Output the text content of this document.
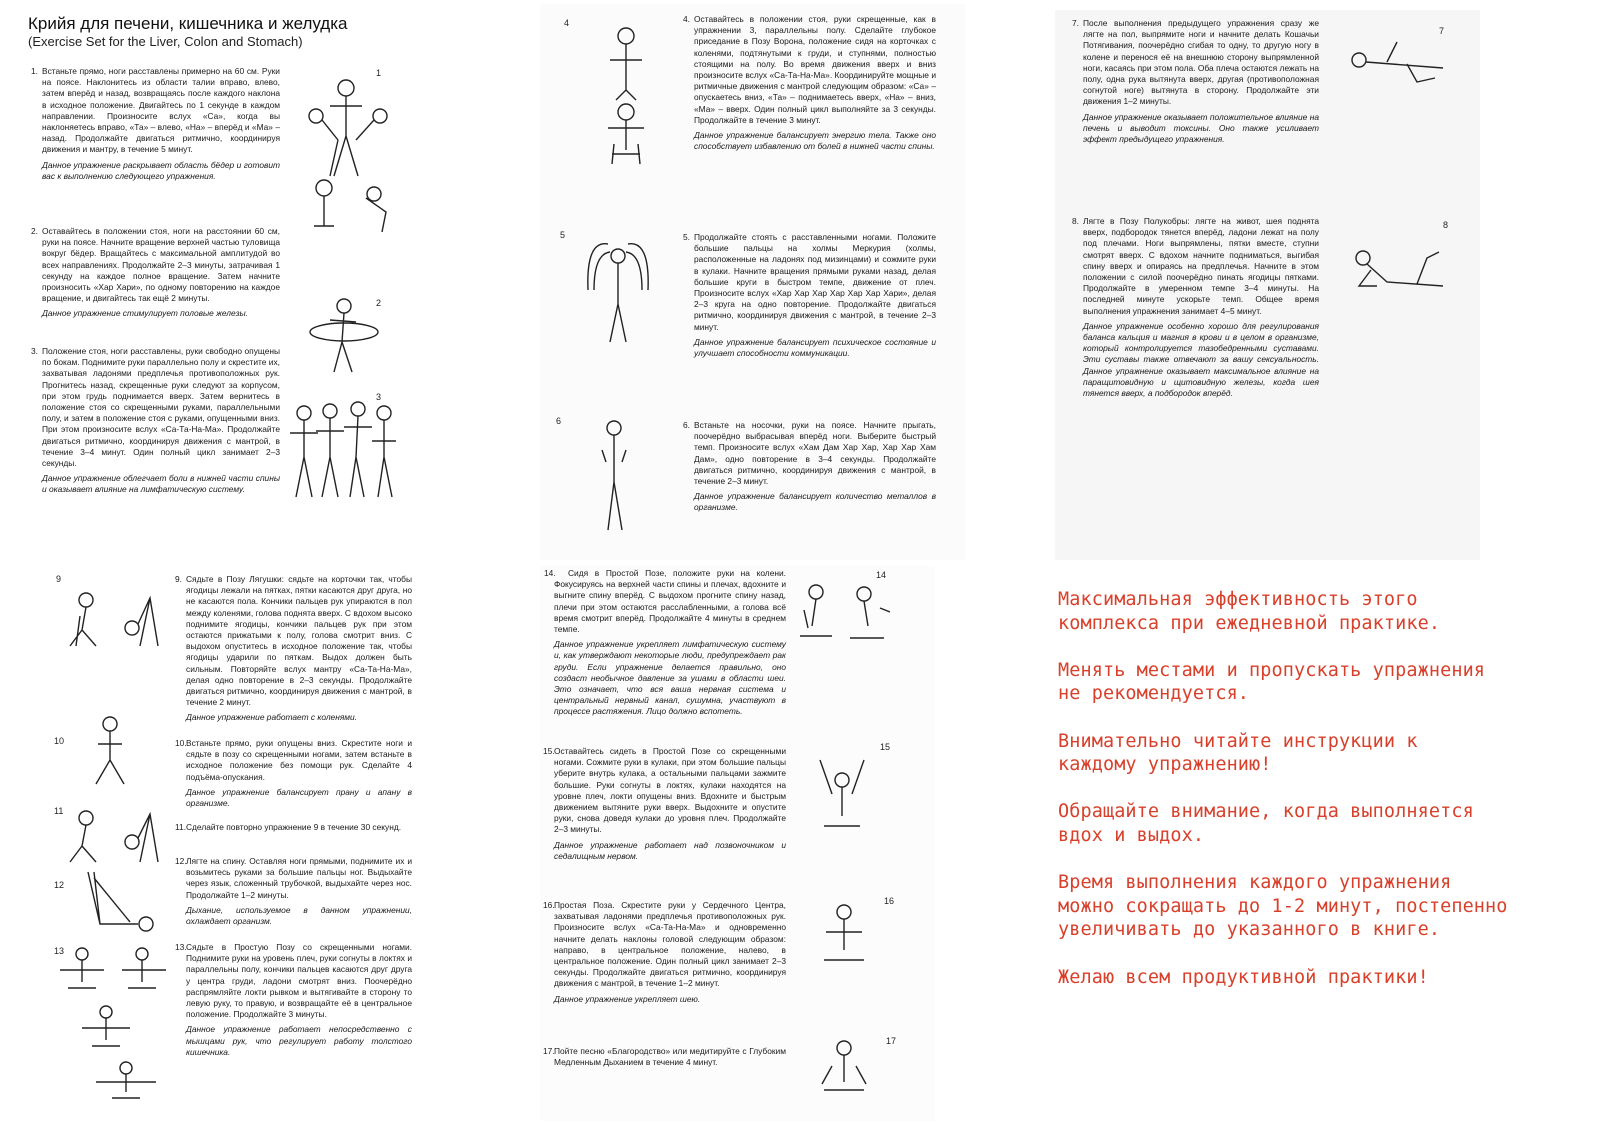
Крийя для печени, кишечника и желудка
(Exercise Set for the Liver, Colon and Stomach)
1. Встаньте прямо, ноги расставлены примерно на 60 см. Руки на поясе. Наклонитесь из области талии вправо, влево, затем вперёд и назад, возвращаясь после каждого наклона в исходное положение. Двигайтесь по 1 секунде в каждом направлении. Произносите вслух «Са», когда вы наклоняетесь вправо, «Та» – влево, «На» – вперёд и «Ма» – назад. Продолжайте двигаться ритмично, координируя движения и мантру, в течение 5 минут.
Данное упражнение раскрывает область бёдер и готовит вас к выполнению следующего упражнения.
2. Оставайтесь в положении стоя, ноги на расстоянии 60 см, руки на поясе. Начните вращение верхней частью туловища вокруг бёдер. Вращайтесь с максимальной амплитудой во всех направлениях. Продолжайте 2–3 минуты, затрачивая 1 секунду на каждое полное вращение. Затем начните произносить «Хар Хари», по одному повторению на каждое вращение, и двигайтесь так ещё 2 минуты.
Данное упражнение стимулирует половые железы.
3. Положение стоя, ноги расставлены, руки свободно опущены по бокам. Поднимите руки параллельно полу и скрестите их, захватывая ладонями предплечья противоположных рук. Прогнитесь назад, скрещенные руки следуют за корпусом, при этом грудь поднимается вверх. Затем вернитесь в положение стоя со скрещенными руками, параллельными полу, и затем в положение стоя с руками, опущенными вниз. При этом произносите вслух «Са-Та-На-Ма». Продолжайте двигаться ритмично, координируя движения с мантрой, в течение 3–4 минут. Один полный цикл занимает 2–3 секунды.
Данное упражнение облегчает боли в нижней части спины и оказывает влияние на лимфатическую систему.
1
2
3
4. Оставайтесь в положении стоя, руки скрещенные, как в упражнении 3, параллельны полу. Сделайте глубокое приседание в Позу Ворона, положение сидя на корточках с коленями, подтянутыми к груди, и ступнями, полностью стоящими на полу. Во время движения вверх и вниз произносите вслух «Са-Та-На-Ма». Координируйте мощные и ритмичные движения с мантрой следующим образом: «Са» – опускаетесь вниз, «Та» – поднимаетесь вверх, «На» – вниз, «Ма» – вверх. Один полный цикл выполняйте за 3 секунды. Продолжайте в течение 3 минут.
Данное упражнение балансирует энергию тела. Также оно способствует избавлению от болей в нижней части спины.
5. Продолжайте стоять с расставленными ногами. Положите большие пальцы на холмы Меркурия (холмы, расположенные на ладонях под мизинцами) и сожмите руки в кулаки. Начните вращения прямыми руками назад, делая большие круги в быстром темпе, движение от плеч. Произносите вслух «Хар Хар Хар Хар Хар Хар Хари», делая 2–3 круга на одно повторение. Продолжайте двигаться ритмично, координируя движения с мантрой, в течение 2–3 минут.
Данное упражнение балансирует психическое состояние и улучшает способности коммуникации.
6. Встаньте на носочки, руки на поясе. Начните прыгать, поочерёдно выбрасывая вперёд ноги. Выберите быстрый темп. Произносите вслух «Хам Дам Хар Хар, Хар Хар Хам Дам», одно повторение в 3–4 секунды. Продолжайте двигаться ритмично, координируя движения с мантрой, в течение 2–3 минут.
Данное упражнение балансирует количество металлов в организме.
4
5
6
7. После выполнения предыдущего упражнения сразу же лягте на пол, выпрямите ноги и начните делать Кошачьи Потягивания, поочерёдно сгибая то одну, то другую ногу в колене и перенося её на внешнюю сторону выпрямленной ноги, касаясь при этом пола. Оба плеча остаются лежать на полу, одна рука вытянута вверх, другая (противоположная согнутой ноге) вытянута в сторону. Продолжайте эти движения 1–2 минуты.
Данное упражнение оказывает положительное влияние на печень и выводит токсины. Оно также усиливает эффект предыдущего упражнения.
8. Лягте в Позу Полукобры: лягте на живот, шея поднята вверх, подбородок тянется вперёд, ладони лежат на полу под плечами. Ноги выпрямлены, пятки вместе, ступни смотрят вверх. С вдохом начните подниматься, выгибая спину вверх и опираясь на предплечья. Начните в этом положении с силой поочерёдно пинать ягодицы пятками. Продолжайте в умеренном темпе 3–4 минуты. На последней минуте ускорьте темп. Общее время выполнения упражнения занимает 4–5 минут.
Данное упражнение особенно хорошо для регулирования баланса кальция и магния в крови и в целом в организме, который контролируется тазобедренными суставами. Эти суставы также отвечают за вашу сексуальность. Данное упражнение оказывает максимальное влияние на паращитовидную и щитовидную железы, когда шея тянется вверх, а подбородок вперёд.
7
8
9. Сядьте в Позу Лягушки: сядьте на корточки так, чтобы ягодицы лежали на пятках, пятки касаются друг друга, но не касаются пола. Кончики пальцев рук упираются в пол между коленями, голова поднята вверх. С вдохом высоко поднимите ягодицы, кончики пальцев рук при этом остаются прижатыми к полу, голова смотрит вниз. С выдохом опуститесь в исходное положение так, чтобы ягодицы ударили по пяткам. Выдох должен быть сильным. Повторяйте вслух мантру «Са-Та-На-Ма», делая одно повторение в 2–3 секунды. Продолжайте двигаться ритмично, координируя движения с мантрой, в течение 2 минут.
Данное упражнение работает с коленями.
10. Встаньте прямо, руки опущены вниз. Скрестите ноги и сядьте в позу со скрещенными ногами, затем встаньте в исходное положение без помощи рук. Сделайте 4 подъёма-опускания.
Данное упражнение балансирует прану и апану в организме.
11. Сделайте повторно упражнение 9 в течение 30 секунд.
12. Лягте на спину. Оставляя ноги прямыми, поднимите их и возьмитесь руками за большие пальцы ног. Выдыхайте через язык, сложенный трубочкой, выдыхайте через нос. Продолжайте 1–2 минуты.
Дыхание, используемое в данном упражнении, охлаждает организм.
13. Сядьте в Простую Позу со скрещенными ногами. Поднимите руки на уровень плеч, руки согнуты в локтях и параллельны полу, кончики пальцев касаются друг друга у центра груди, ладони смотрят вниз. Поочерёдно распрямляйте локти рывком и вытягивайте в сторону то левую руку, то правую, и возвращайте её в центральное положение. Продолжайте 3 минуты.
Данное упражнение работает непосредственно с мышцами рук, что регулирует работу толстого кишечника.
9
10
11
12
13
14. Сидя в Простой Позе, положите руки на колени. Фокусируясь на верхней части спины и плечах, вдохните и выгните спину вперёд. С выдохом прогните спину назад, плечи при этом остаются расслабленными, а голова всё время смотрит вперёд. Продолжайте 4 минуты в среднем темпе.
Данное упражнение укрепляет лимфатическую систему и, как утверждают некоторые люди, предупреждает рак груди. Если упражнение делается правильно, оно создаст необычное давление за ушами в области шеи. Это означает, что вся ваша нервная система и центральный нервный канал, сушумна, участвуют в процессе растяжения. Лицо должно вспотеть.
15. Оставайтесь сидеть в Простой Позе со скрещенными ногами. Сожмите руки в кулаки, при этом большие пальцы уберите внутрь кулака, а остальными пальцами зажмите большие. Руки согнуты в локтях, кулаки находятся на уровне плеч, локти опущены вниз. Вдохните и быстрым движением вытяните руки вверх. Выдохните и опустите руки, снова доведя кулаки до уровня плеч. Продолжайте 2–3 минуты.
Данное упражнение работает над позвоночником и седалищным нервом.
16. Простая Поза. Скрестите руки у Сердечного Центра, захватывая ладонями предплечья противоположных рук. Произносите вслух «Са-Та-На-Ма» и одновременно начните делать наклоны головой следующим образом: направо, в центральное положение, налево, в центральное положение. Один полный цикл занимает 2–3 секунды. Продолжайте двигаться ритмично, координируя движения с мантрой, в течение 1–2 минут.
Данное упражнение укрепляет шею.
17. Пойте песню «Благородство» или медитируйте с Глубоким Медленным Дыханием в течение 4 минут.
14
15
16
17

Максимальная эффективность этого
комплекса при ежедневной практике.

Менять местами и пропускать упражнения
не рекомендуется.

Внимательно читайте инструкции к
каждому упражнению!

Обращайте внимание, когда выполняется
вдох и выдох.

Время выполнения каждого упражнения
можно сокращать до 1-2 минут, постепенно
увеличивать до указанного в книге.

Желаю всем продуктивной практики!
